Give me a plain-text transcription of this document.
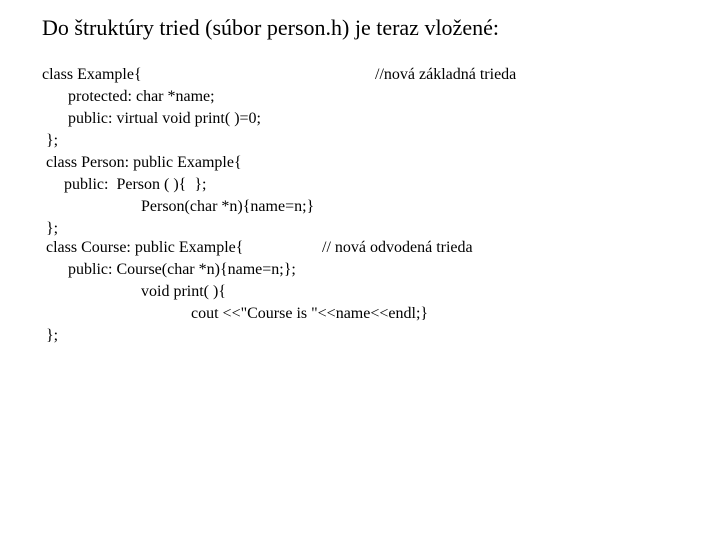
Do štruktúry tried (súbor person.h) je teraz vložené:
class Example{	//nová základná trieda
protected: char *name;
public: virtual void print( )=0;
};
class Person: public Example{
public:  Person ( ){  };
Person(char *n){name=n;}
};
class Course: public Example{	// nová odvodená trieda
public: Course(char *n){name=n;};
void print( ){
cout <<"Course is "<<name<<endl;}
};
